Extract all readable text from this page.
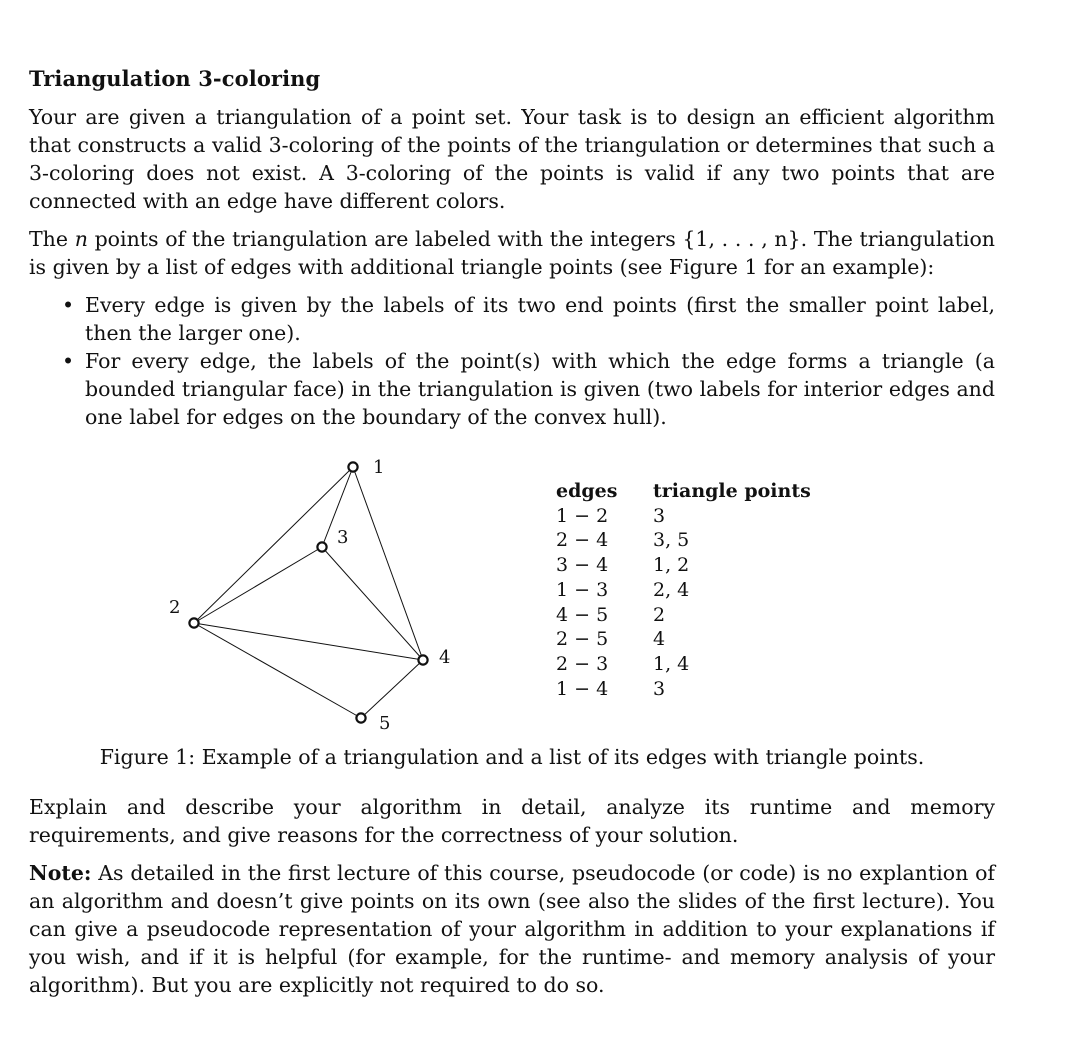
Triangulation 3-coloring

Your are given a triangulation of a point set. Your task is to design an efficient algorithm that constructs a valid 3-coloring of the points of the triangulation or determines that such a 3-coloring does not exist. A 3-coloring of the points is valid if any two points that are connected with an edge have different colors.

The n points of the triangulation are labeled with the integers {1, . . . , n}. The triangulation is given by a list of edges with additional triangle points (see Figure 1 for an example):

• Every edge is given by the labels of its two end points (first the smaller point label, then the larger one).
• For every edge, the labels of the point(s) with which the edge forms a triangle (a bounded triangular face) in the triangulation is given (two labels for interior edges and one label for edges on the boundary of the convex hull).
1
2
3
4
5
edges	triangle points
1 − 2	3
2 − 4	3, 5
3 − 4	1, 2
1 − 3	2, 4
4 − 5	2
2 − 5	4
2 − 3	1, 4
1 − 4	3
Figure 1: Example of a triangulation and a list of its edges with triangle points.

Explain and describe your algorithm in detail, analyze its runtime and memory requirements, and give reasons for the correctness of your solution.

Note: As detailed in the first lecture of this course, pseudocode (or code) is no explantion of an algorithm and doesn’t give points on its own (see also the slides of the first lecture). You can give a pseudocode representation of your algorithm in addition to your explanations if you wish, and if it is helpful (for example, for the runtime- and memory analysis of your algorithm). But you are explicitly not required to do so.
